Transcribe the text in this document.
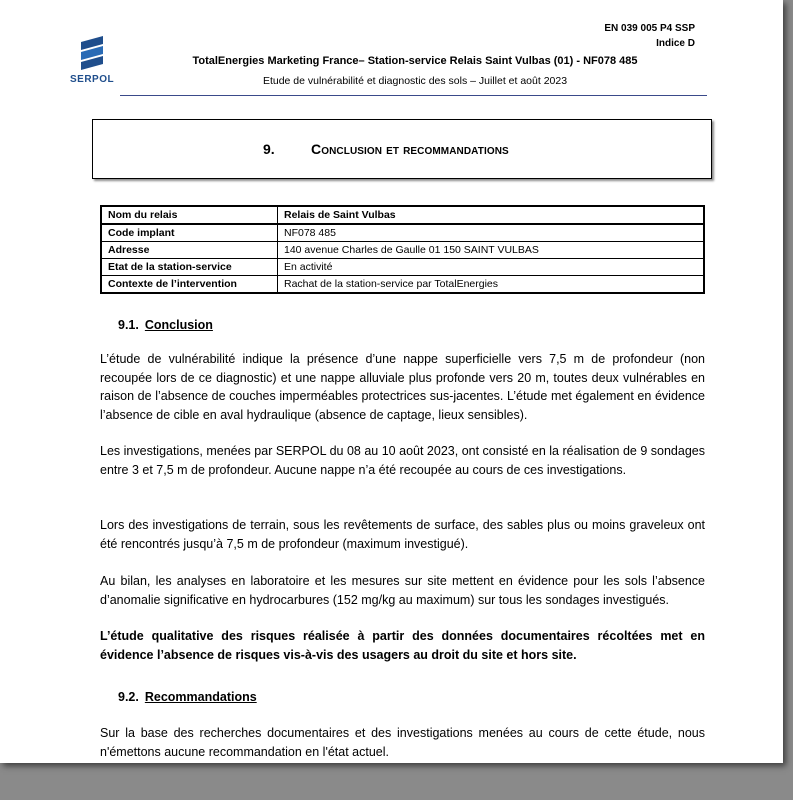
SERPOL
EN 039 005 P4 SSP
Indice D
TotalEnergies Marketing France– Station-service Relais Saint Vulbas (01) - NF078 485
Etude de vulnérabilité et diagnostic des sols – Juillet et août 2023
9.	Conclusion et recommandations
Nom du relais	Relais de Saint Vulbas
Code implant	NF078 485
Adresse	140 avenue Charles de Gaulle 01 150 SAINT VULBAS
Etat de la station-service	En activité
Contexte de l’intervention	Rachat de la station-service par TotalEnergies
9.1. Conclusion

L’étude de vulnérabilité indique la présence d’une nappe superficielle vers 7,5 m de profondeur (non recoupée lors de ce diagnostic) et une nappe alluviale plus profonde vers 20 m, toutes deux vulnérables en raison de l’absence de couches imperméables protectrices sus-jacentes. L’étude met également en évidence l’absence de cible en aval hydraulique (absence de captage, lieux sensibles).

Les investigations, menées par SERPOL du 08 au 10 août 2023, ont consisté en la réalisation de 9 sondages entre 3 et 7,5 m de profondeur. Aucune nappe n’a été recoupée au cours de ces investigations.

Lors des investigations de terrain, sous les revêtements de surface, des sables plus ou moins graveleux ont été rencontrés jusqu’à 7,5 m de profondeur (maximum investigué).

Au bilan, les analyses en laboratoire et les mesures sur site mettent en évidence pour les sols l’absence d’anomalie significative en hydrocarbures (152 mg/kg au maximum) sur tous les sondages investigués.

L’étude qualitative des risques réalisée à partir des données documentaires récoltées met en évidence l’absence de risques vis-à-vis des usagers au droit du site et hors site.

9.2. Recommandations

Sur la base des recherches documentaires et des investigations menées au cours de cette étude, nous n'émettons aucune recommandation en l'état actuel.
